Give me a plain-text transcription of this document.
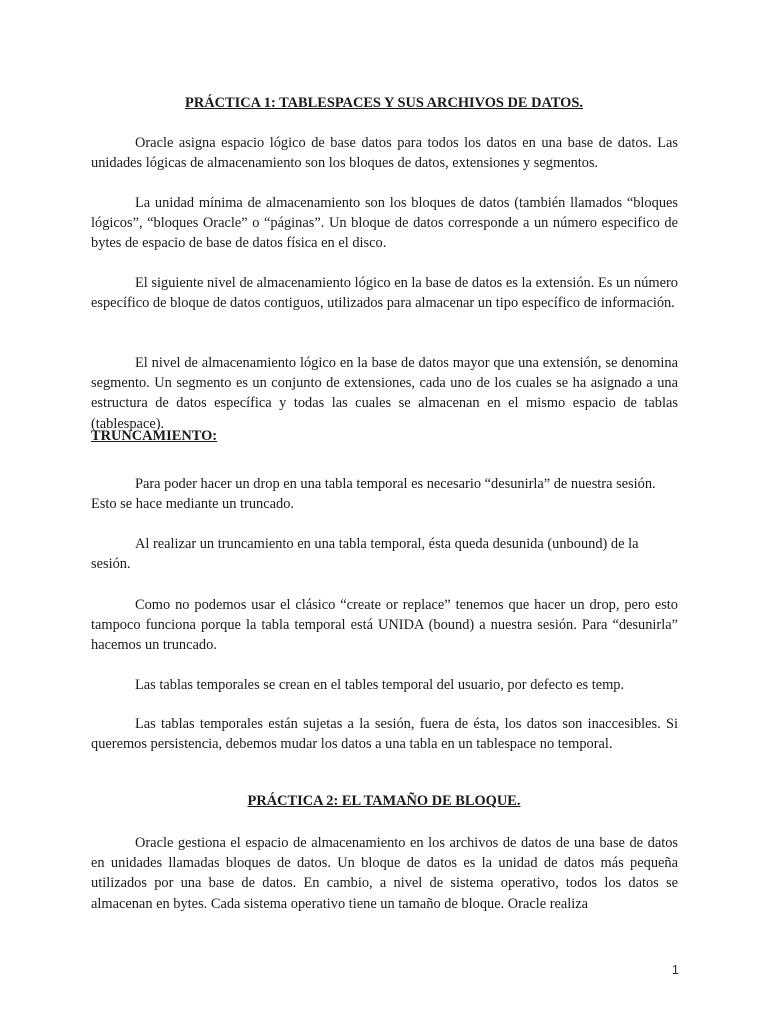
PRÁCTICA 1: TABLESPACES Y SUS ARCHIVOS DE DATOS.

Oracle asigna espacio lógico de base datos para todos los datos en una base de datos. Las unidades lógicas de almacenamiento son los bloques de datos, extensiones y segmentos.

La unidad mínima de almacenamiento son los bloques de datos (también llamados “bloques lógicos”, “bloques Oracle” o “páginas”. Un bloque de datos corresponde a un número especifico de bytes de espacio de base de datos física en el disco.

El siguiente nivel de almacenamiento lógico en la base de datos es la extensión. Es un número específico de bloque de datos contiguos, utilizados para almacenar un tipo específico de información.

El nivel de almacenamiento lógico en la base de datos mayor que una extensión, se denomina segmento. Un segmento es un conjunto de extensiones, cada uno de los cuales se ha asignado a una estructura de datos específica y todas las cuales se almacenan en el mismo espacio de tablas (tablespace).

TRUNCAMIENTO:

Para poder hacer un drop en una tabla temporal es necesario “desunirla” de nuestra sesión. Esto se hace mediante un truncado.

Al realizar un truncamiento en una tabla temporal, ésta queda desunida (unbound) de la sesión.

Como no podemos usar el clásico “create or replace” tenemos que hacer un drop, pero esto tampoco funciona porque la tabla temporal está UNIDA (bound) a nuestra sesión. Para “desunirla” hacemos un truncado.

Las tablas temporales se crean en el tables temporal del usuario, por defecto es temp.

Las tablas temporales están sujetas a la sesión, fuera de ésta, los datos son inaccesibles. Si queremos persistencia, debemos mudar los datos a una tabla en un tablespace no temporal.

PRÁCTICA 2: EL TAMAÑO DE BLOQUE.

Oracle gestiona el espacio de almacenamiento en los archivos de datos de una base de datos en unidades llamadas bloques de datos. Un bloque de datos es la unidad de datos más pequeña utilizados por una base de datos. En cambio, a nivel de sistema operativo, todos los datos se almacenan en bytes. Cada sistema operativo tiene un tamaño de bloque. Oracle realiza

1
